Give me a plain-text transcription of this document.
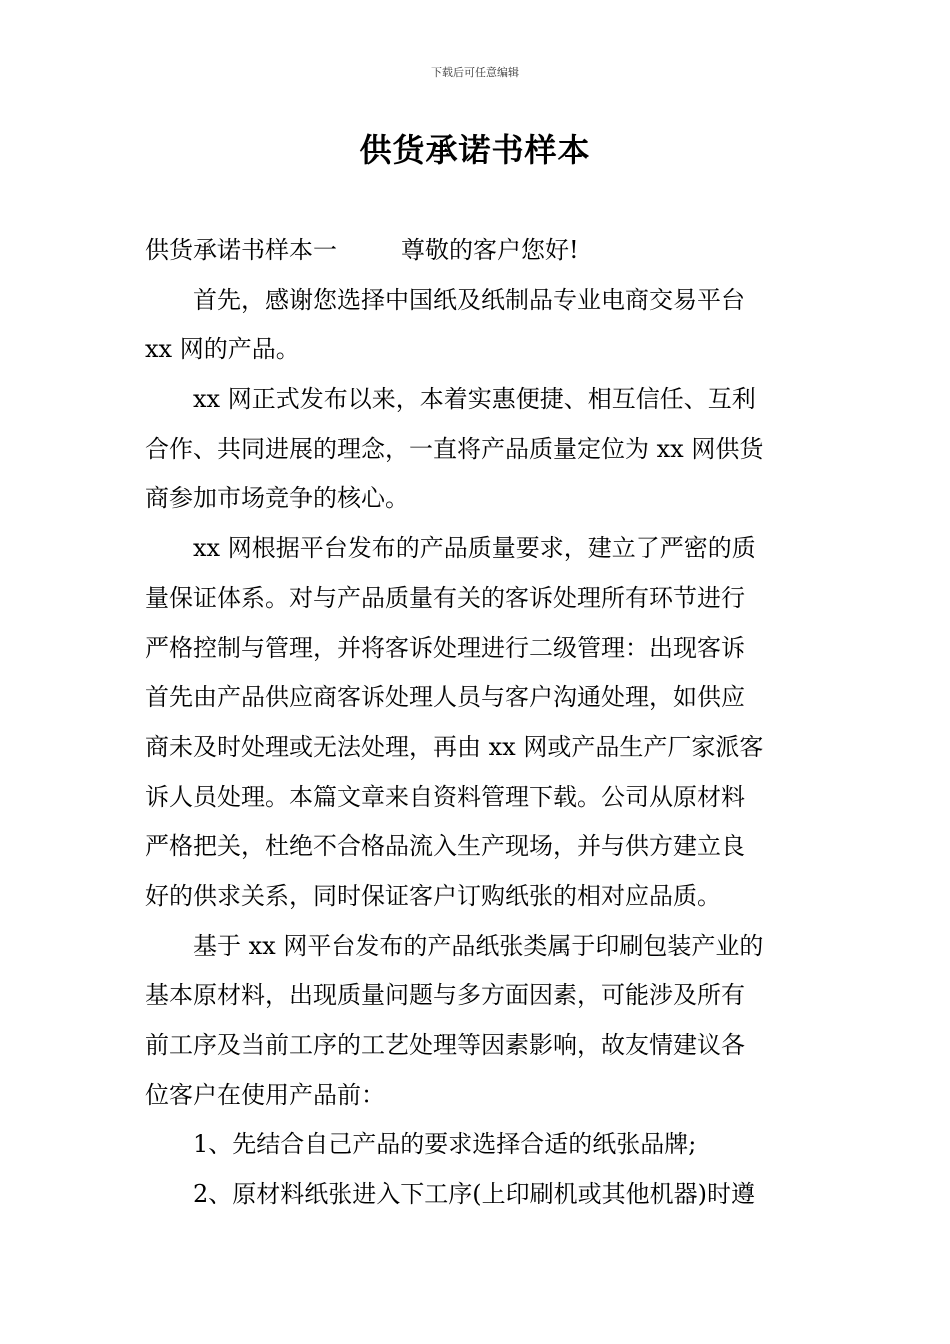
下载后可任意编辑
供货承诺书样本
供货承诺书样本一	尊敬的客户您好!
首先，感谢您选择中国纸及纸制品专业电商交易平台
xx 网的产品。
xx 网正式发布以来，本着实惠便捷、相互信任、互利
合作、共同进展的理念，一直将产品质量定位为 xx 网供货
商参加市场竞争的核心。
xx 网根据平台发布的产品质量要求，建立了严密的质
量保证体系。对与产品质量有关的客诉处理所有环节进行
严格控制与管理，并将客诉处理进行二级管理：出现客诉
首先由产品供应商客诉处理人员与客户沟通处理，如供应
商未及时处理或无法处理，再由 xx 网或产品生产厂家派客
诉人员处理。本篇文章来自资料管理下载。公司从原材料
严格把关，杜绝不合格品流入生产现场，并与供方建立良
好的供求关系，同时保证客户订购纸张的相对应品质。
基于 xx 网平台发布的产品纸张类属于印刷包装产业的
基本原材料，出现质量问题与多方面因素，可能涉及所有
前工序及当前工序的工艺处理等因素影响，故友情建议各
位客户在使用产品前：
1、先结合自己产品的要求选择合适的纸张品牌;
2、原材料纸张进入下工序(上印刷机或其他机器)时遵
